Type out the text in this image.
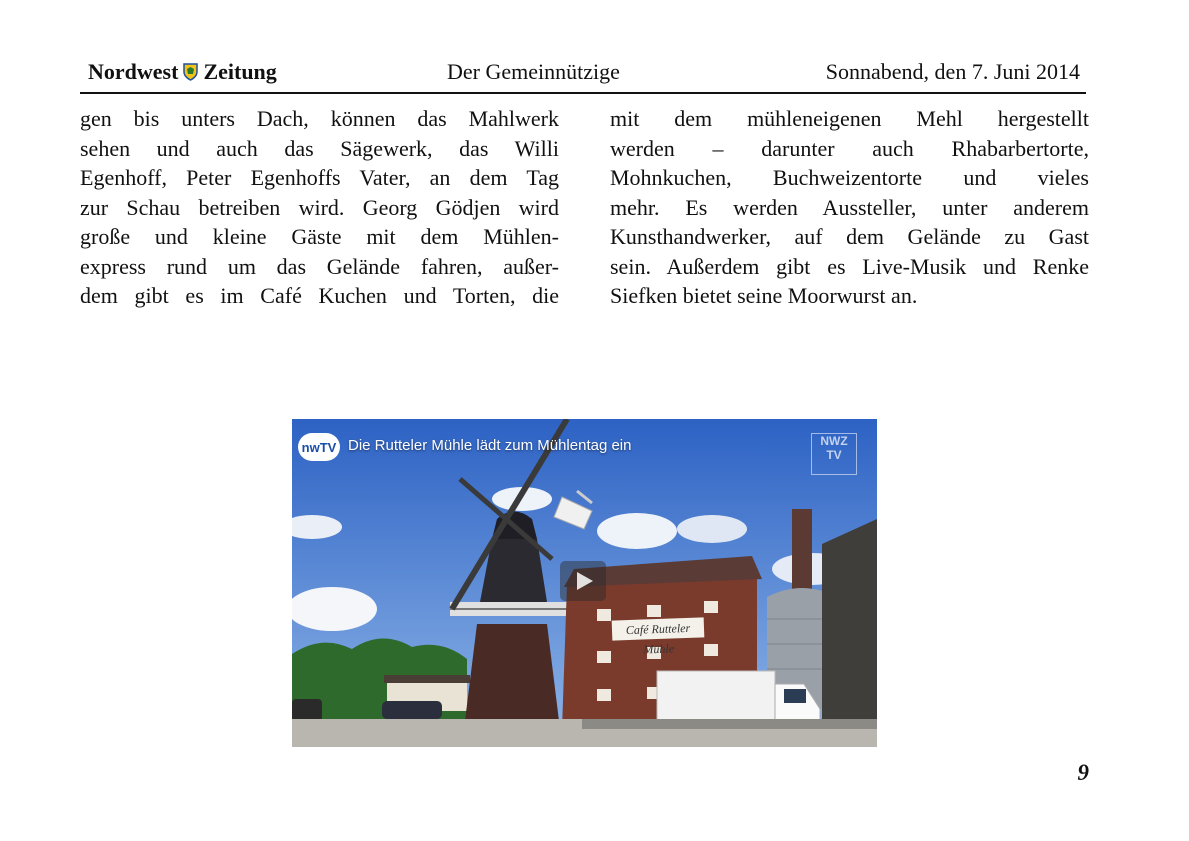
Nordwest Zeitung	Der Gemeinnützige	Sonnabend, den 7. Juni 2014
gen bis unters Dach, können das Mahlwerk
sehen und auch das Sägewerk, das Willi
Egenhoff, Peter Egenhoffs Vater, an dem Tag
zur Schau betreiben wird. Georg Gödjen wird
große und kleine Gäste mit dem Mühlen-
express rund um das Gelände fahren, außer-
dem gibt es im Café Kuchen und Torten, die
mit dem mühleneigenen Mehl hergestellt
werden – darunter auch Rhabarbertorte,
Mohnkuchen, Buchweizentorte und vieles
mehr. Es werden Aussteller, unter anderem
Kunsthandwerker, auf dem Gelände zu Gast
sein. Außerdem gibt es Live-Musik und Renke
Siefken bietet seine Moorwurst an.
nwTV Die Rutteler Mühle lädt zum Mühlentag ein	NWZ TV
Café Rutteler Mühle
9
